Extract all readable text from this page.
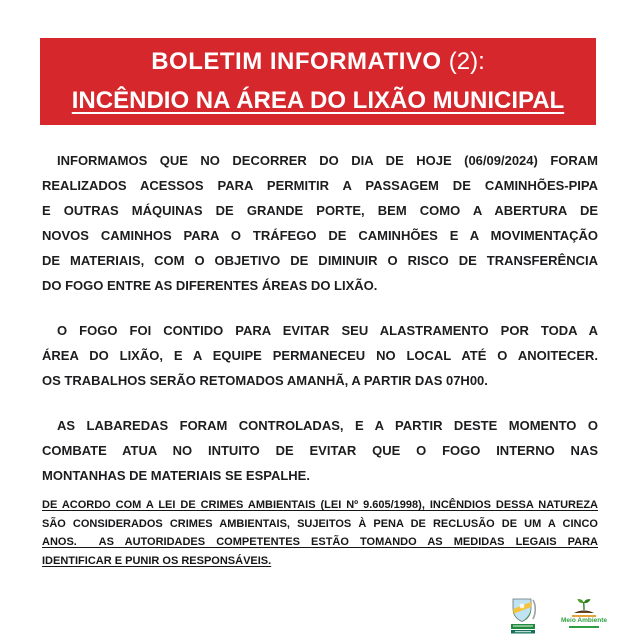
BOLETIM INFORMATIVO (2):
INCÊNDIO NA ÁREA DO LIXÃO MUNICIPAL
INFORMAMOS QUE NO DECORRER DO DIA DE HOJE (06/09/2024) FORAM
REALIZADOS ACESSOS PARA PERMITIR A PASSAGEM DE CAMINHÕES-PIPA
E OUTRAS MÁQUINAS DE GRANDE PORTE, BEM COMO A ABERTURA DE
NOVOS CAMINHOS PARA O TRÁFEGO DE CAMINHÕES E A MOVIMENTAÇÃO
DE MATERIAIS, COM O OBJETIVO DE DIMINUIR O RISCO DE TRANSFERÊNCIA
DO FOGO ENTRE AS DIFERENTES ÁREAS DO LIXÃO.
O FOGO FOI CONTIDO PARA EVITAR SEU ALASTRAMENTO POR TODA A
ÁREA DO LIXÃO, E A EQUIPE PERMANECEU NO LOCAL ATÉ O ANOITECER.
OS TRABALHOS SERÃO RETOMADOS AMANHÃ, A PARTIR DAS 07H00.
AS LABAREDAS FORAM CONTROLADAS, E A PARTIR DESTE MOMENTO O
COMBATE ATUA NO INTUITO DE EVITAR QUE O FOGO INTERNO NAS
MONTANHAS DE MATERIAIS SE ESPALHE.
DE ACORDO COM A LEI DE CRIMES AMBIENTAIS (LEI Nº 9.605/1998), INCÊNDIOS DESSA NATUREZA
SÃO CONSIDERADOS CRIMES AMBIENTAIS, SUJEITOS À PENA DE RECLUSÃO DE UM A CINCO
ANOS.  AS AUTORIDADES COMPETENTES ESTÃO TOMANDO AS MEDIDAS LEGAIS PARA
IDENTIFICAR E PUNIR OS RESPONSÁVEIS.
Meio Ambiente
